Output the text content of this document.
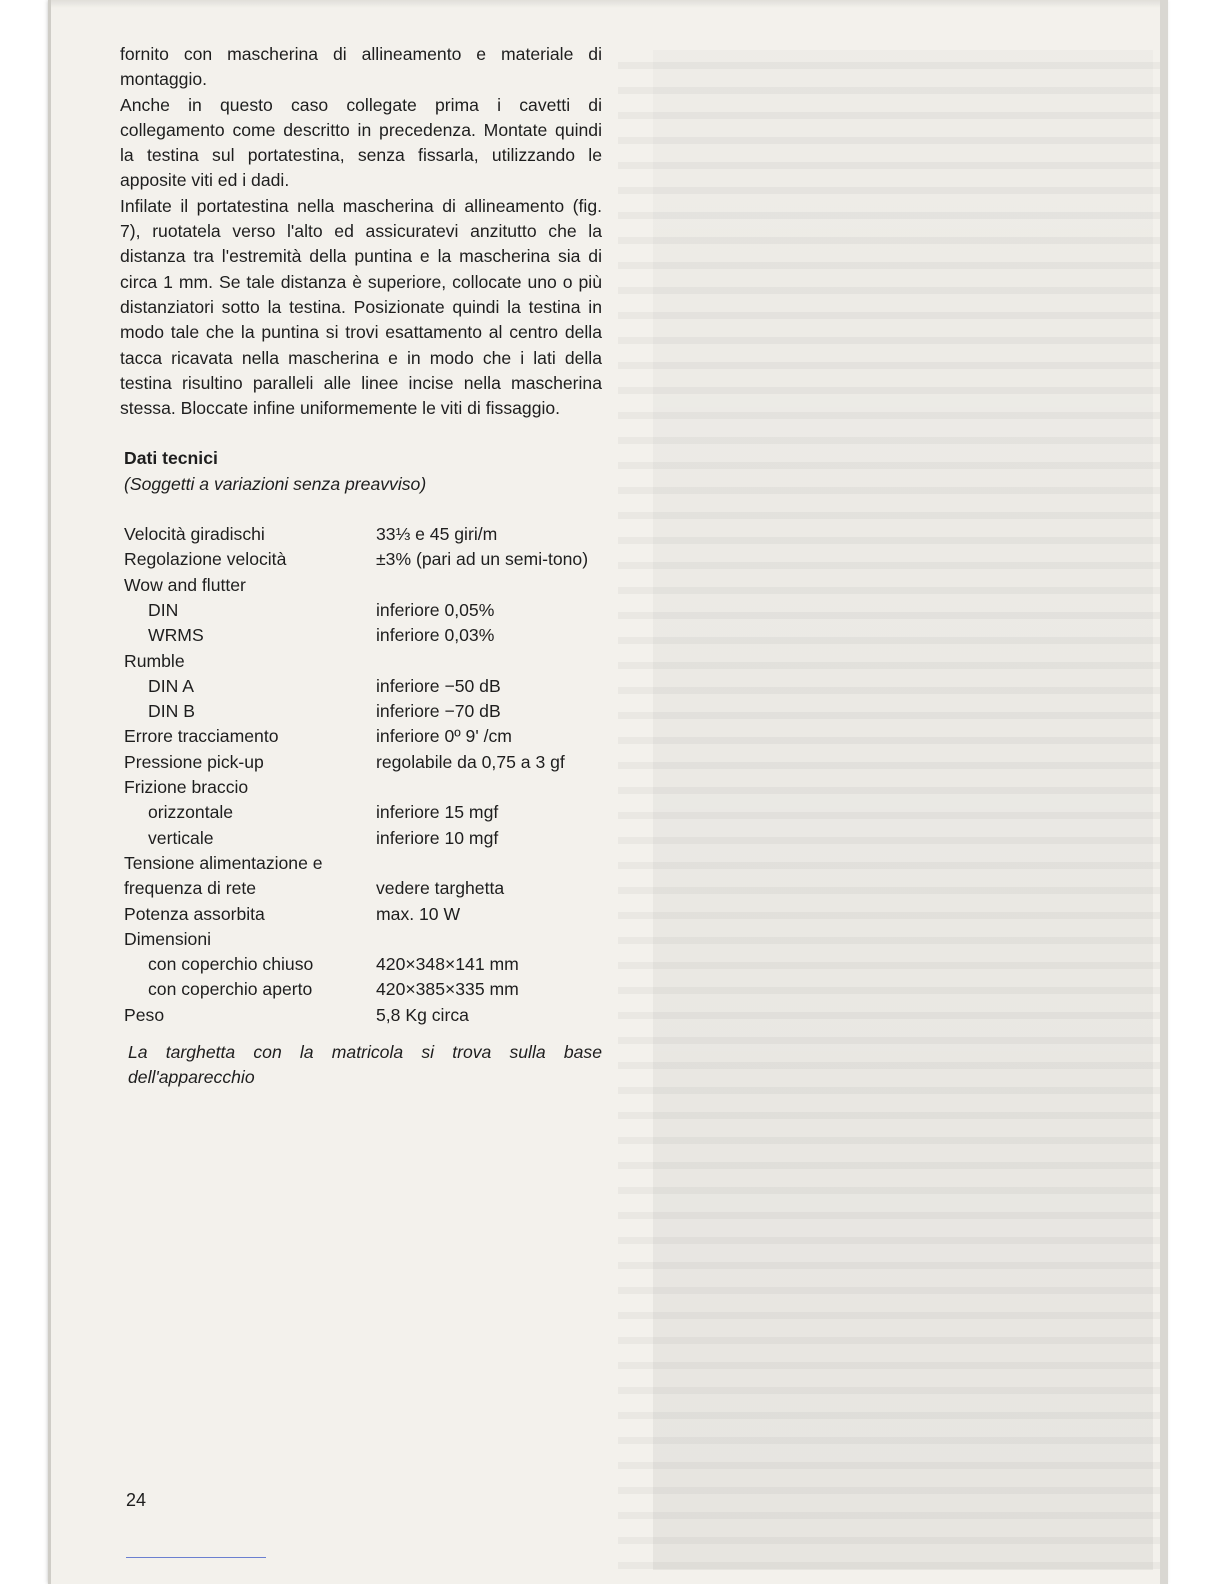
fornito con mascherina di allineamento e materiale di montaggio.

Anche in questo caso collegate prima i cavetti di collegamento come descritto in precedenza. Montate quindi la testina sul portatestina, senza fissarla, utilizzando le apposite viti ed i dadi.

Infilate il portatestina nella mascherina di allineamento (fig. 7), ruotatela verso l'alto ed assicuratevi anzitutto che la distanza tra l'estremità della puntina e la mascherina sia di circa 1 mm. Se tale distanza è superiore, collocate uno o più distanziatori sotto la testina. Posizionate quindi la testina in modo tale che la puntina si trovi esattamento al centro della tacca ricavata nella mascherina e in modo che i lati della testina risultino paralleli alle linee incise nella mascherina stessa. Bloccate infine uniformemente le viti di fissaggio.

Dati tecnici
(Soggetti a variazioni senza preavviso)
Velocità giradischi	33⅓ e 45 giri/m
Regolazione velocità	±3% (pari ad un semi-tono)
Wow and flutter	
DIN	inferiore 0,05%
WRMS	inferiore 0,03%
Rumble	
DIN A	inferiore −50 dB
DIN B	inferiore −70 dB
Errore tracciamento	inferiore 0º 9' /cm
Pressione pick-up	regolabile da 0,75 a 3 gf
Frizione braccio	
orizzontale	inferiore 15 mgf
verticale	inferiore 10 mgf
Tensione alimentazione e frequenza di rete	vedere targhetta
Potenza assorbita	max. 10 W
Dimensioni	
con coperchio chiuso	420×348×141 mm
con coperchio aperto	420×385×335 mm
Peso	5,8 Kg circa
La targhetta con la matricola si trova sulla base dell'apparecchio
24
